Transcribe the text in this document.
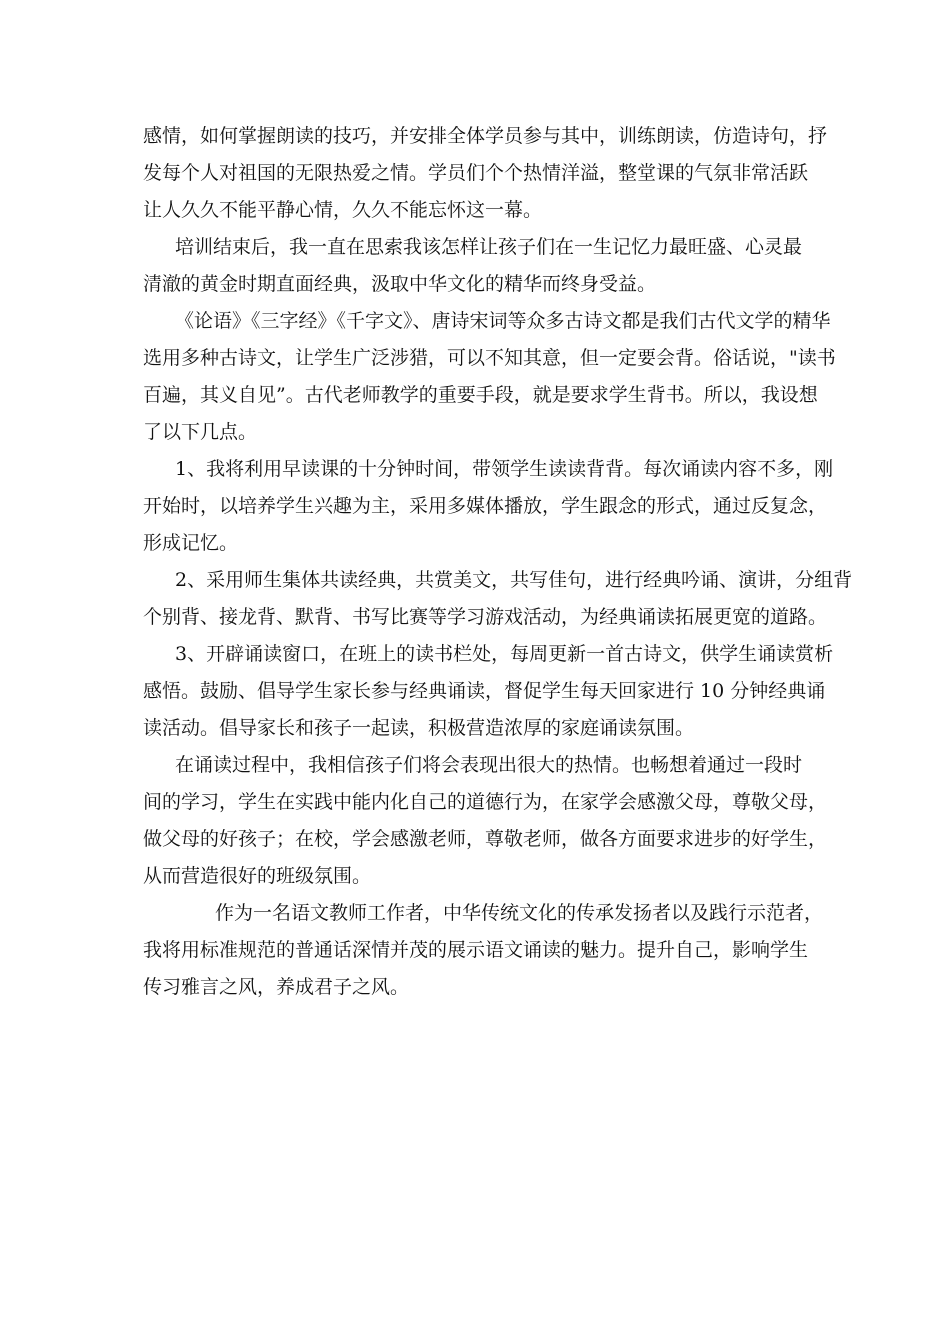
感情，如何掌握朗读的技巧，并安排全体学员参与其中，训练朗读，仿造诗句，抒
发每个人对祖国的无限热爱之情。学员们个个热情洋溢，整堂课的气氛非常活跃
让人久久不能平静心情，久久不能忘怀这一幕。
培训结束后，我一直在思索我该怎样让孩子们在一生记忆力最旺盛、心灵最
清澈的黄金时期直面经典，汲取中华文化的精华而终身受益。
《论语》《三字经》《千字文》、唐诗宋词等众多古诗文都是我们古代文学的精华
选用多种古诗文，让学生广泛涉猎，可以不知其意，但一定要会背。俗话说，"读书
百遍，其义自见”。古代老师教学的重要手段，就是要求学生背书。所以，我设想
了以下几点。
1、我将利用早读课的十分钟时间，带领学生读读背背。每次诵读内容不多，刚
开始时，以培养学生兴趣为主，采用多媒体播放，学生跟念的形式，通过反复念，
形成记忆。
2、采用师生集体共读经典，共赏美文，共写佳句，进行经典吟诵、演讲，分组背
个别背、接龙背、默背、书写比赛等学习游戏活动，为经典诵读拓展更宽的道路。
3、开辟诵读窗口，在班上的读书栏处，每周更新一首古诗文，供学生诵读赏析
感悟。鼓励、倡导学生家长参与经典诵读，督促学生每天回家进行 10 分钟经典诵
读活动。倡导家长和孩子一起读，积极营造浓厚的家庭诵读氛围。
在诵读过程中，我相信孩子们将会表现出很大的热情。也畅想着通过一段时
间的学习，学生在实践中能内化自己的道德行为，在家学会感激父母，尊敬父母，
做父母的好孩子；在校，学会感激老师，尊敬老师，做各方面要求进步的好学生，
从而营造很好的班级氛围。
作为一名语文教师工作者，中华传统文化的传承发扬者以及践行示范者，
我将用标准规范的普通话深情并茂的展示语文诵读的魅力。提升自己，影响学生
传习雅言之风，养成君子之风。
